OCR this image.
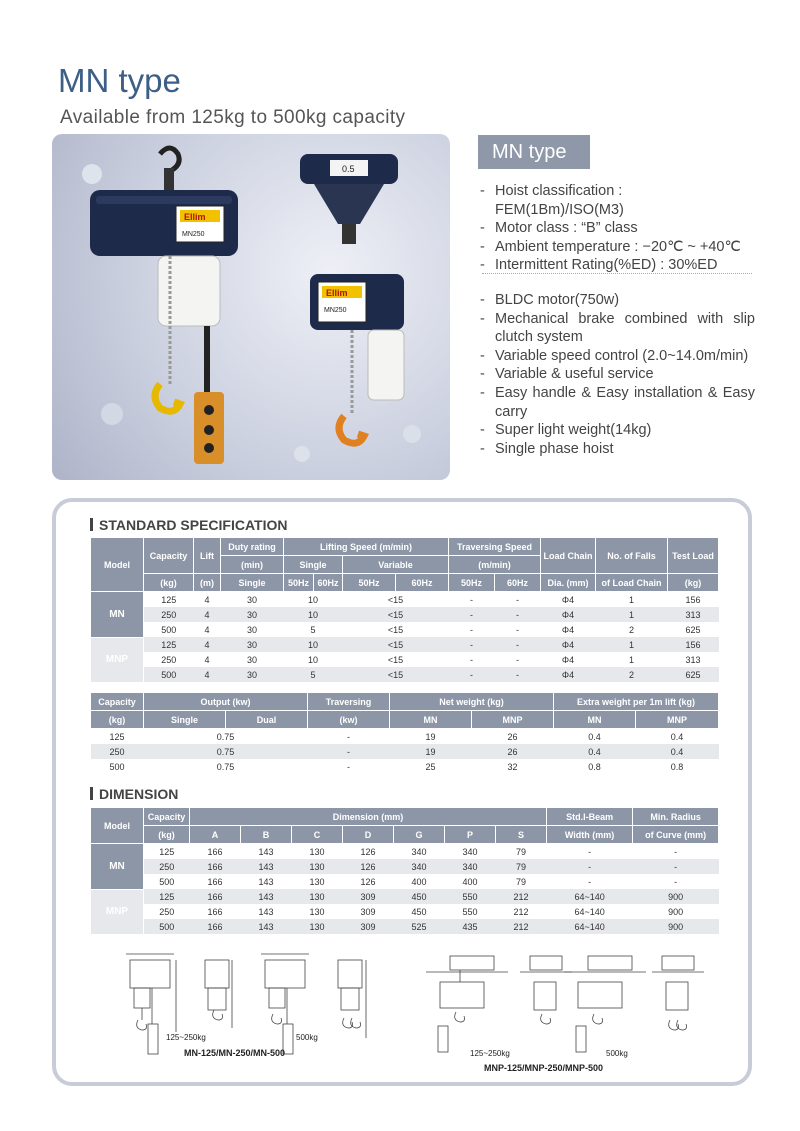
MN type
Available from 125kg to 500kg capacity
Ellim
MN250
0.5
Ellim
MN250
MN type
- Hoist classification : FEM(1Bm)/ISO(M3)
- Motor class : “B” class
- Ambient temperature : −20℃ ~ +40℃
- Intermittent Rating(%ED) : 30%ED
- BLDC motor(750w)
- Mechanical brake combined with slip clutch system
- Variable speed control (2.0~14.0m/min)
- Variable & useful service
- Easy handle & Easy installation & Easy carry
- Super light weight(14kg)
- Single phase hoist
STANDARD SPECIFICATION
Model	Capacity	Lift	Duty rating	Lifting Speed (m/min)				Traversing Speed		Load Chain	No. of Falls	Test Load
			(min)	Single		Variable		(m/min)				
	(kg)	(m)	Single	50Hz	60Hz	50Hz	60Hz	50Hz	60Hz	Dia. (mm)	of Load Chain	(kg)
MN	125	4	30	10		<15		-	-	Φ4	1	156
	250	4	30	10		<15		-	-	Φ4	1	313
	500	4	30	5		<15		-	-	Φ4	2	625
MNP	125	4	30	10		<15		-	-	Φ4	1	156
	250	4	30	10		<15		-	-	Φ4	1	313
	500	4	30	5		<15		-	-	Φ4	2	625
Capacity	Output (kw)		Traversing	Net weight (kg)		Extra weight per 1m lift (kg)	
(kg)	Single	Dual	(kw)	MN	MNP	MN	MNP
125	0.75		-	19	26	0.4	0.4
250	0.75		-	19	26	0.4	0.4
500	0.75		-	25	32	0.8	0.8
DIMENSION
Model	Capacity	Dimension (mm)							Std.I-Beam	Min. Radius
	(kg)	A	B	C	D	G	P	S	Width (mm)	of Curve (mm)
MN	125	166	143	130	126	340	340	79	-	-
	250	166	143	130	126	340	340	79	-	-
	500	166	143	130	126	400	400	79	-	-
MNP	125	166	143	130	309	450	550	212	64~140	900
	250	166	143	130	309	450	550	212	64~140	900
	500	166	143	130	309	525	435	212	64~140	900
125~250kg	500kg
MN-125/MN-250/MN-500	125~250kg	500kg
MNP-125/MNP-250/MNP-500
